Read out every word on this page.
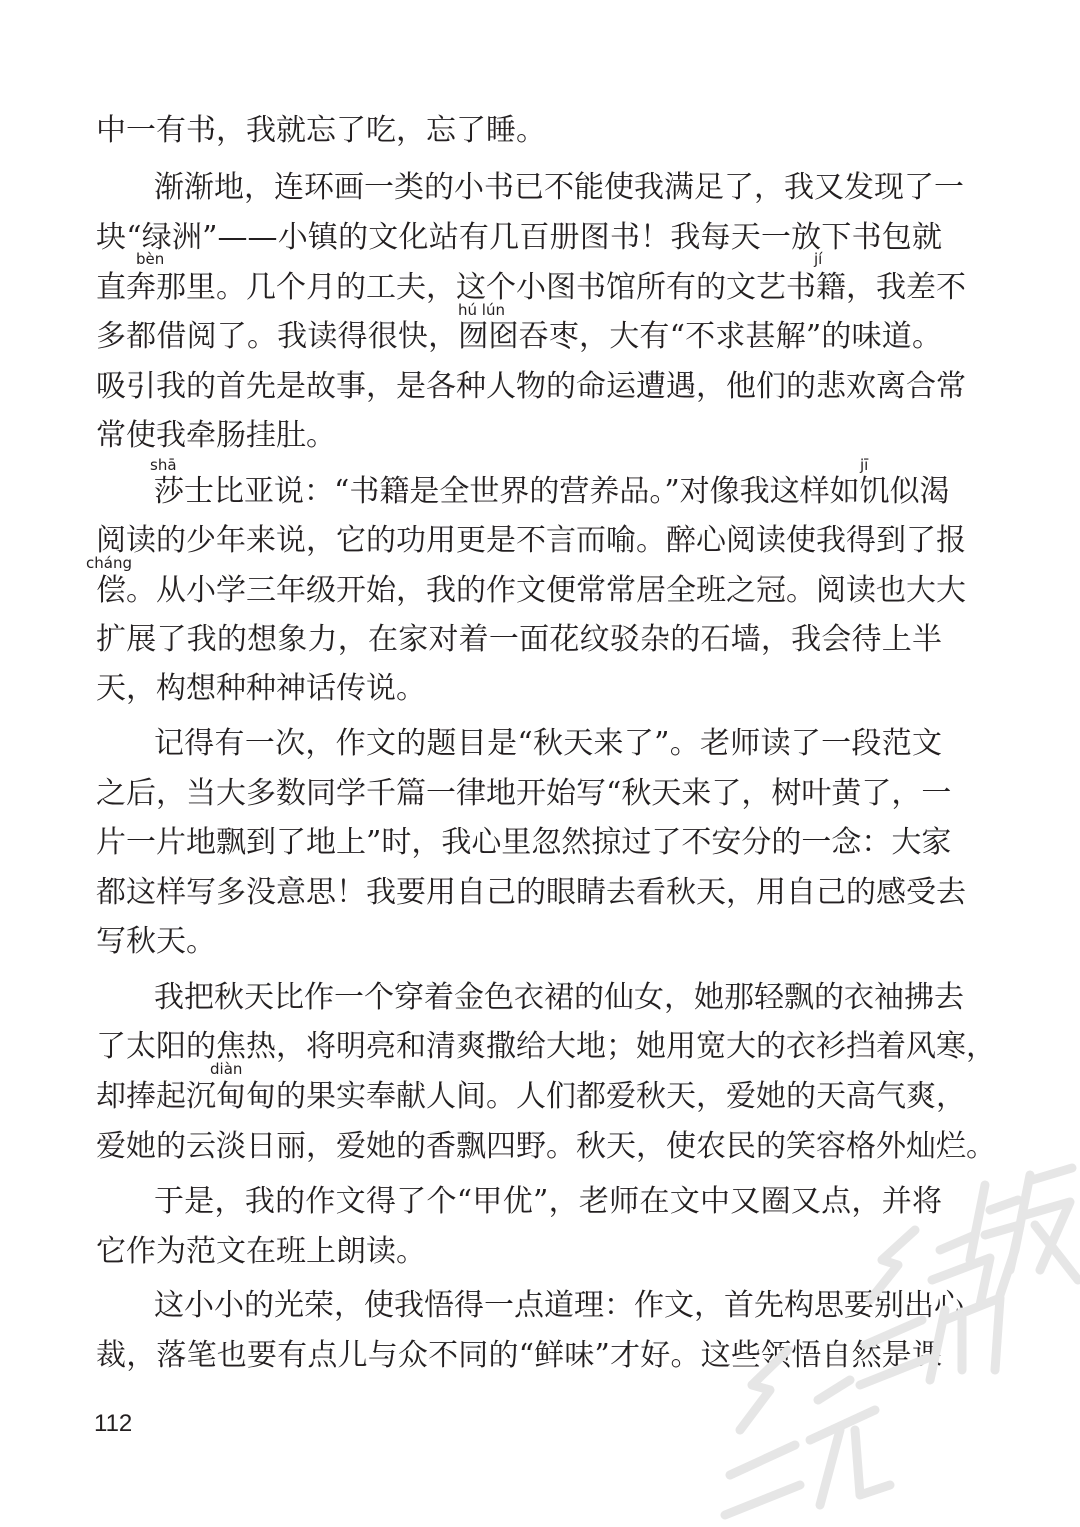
中一有书，我就忘了吃，忘了睡。
渐渐地，连环画一类的小书已不能使我满足了，我又发现了一
块“绿洲”——小镇的文化站有几百册图书！我每天一放下书包就
直奔那里。几个月的工夫，这个小图书馆所有的文艺书籍，我差不
多都借阅了。我读得很快，囫囵吞枣，大有“不求甚解”的味道。
吸引我的首先是故事，是各种人物的命运遭遇，他们的悲欢离合常
常使我牵肠挂肚。
莎士比亚说：“书籍是全世界的营养品。”对像我这样如饥似渴
阅读的少年来说，它的功用更是不言而喻。醉心阅读使我得到了报
偿。从小学三年级开始，我的作文便常常居全班之冠。阅读也大大
扩展了我的想象力，在家对着一面花纹驳杂的石墙，我会待上半
天，构想种种神话传说。
记得有一次，作文的题目是“秋天来了”。老师读了一段范文
之后，当大多数同学千篇一律地开始写“秋天来了，树叶黄了，一
片一片地飘到了地上”时，我心里忽然掠过了不安分的一念：大家
都这样写多没意思！我要用自己的眼睛去看秋天，用自己的感受去
写秋天。
我把秋天比作一个穿着金色衣裙的仙女，她那轻飘的衣袖拂去
了太阳的焦热，将明亮和清爽撒给大地；她用宽大的衣衫挡着风寒，
却捧起沉甸甸的果实奉献人间。人们都爱秋天，爱她的天高气爽，
爱她的云淡日丽，爱她的香飘四野。秋天，使农民的笑容格外灿烂。
于是，我的作文得了个“甲优”，老师在文中又圈又点，并将
它作为范文在班上朗读。
这小小的光荣，使我悟得一点道理：作文，首先构思要别出心
裁，落笔也要有点儿与众不同的“鲜味”才好。这些领悟自然是课
bèn	jí
hú lún
shā	jī
cháng
diàn
112
